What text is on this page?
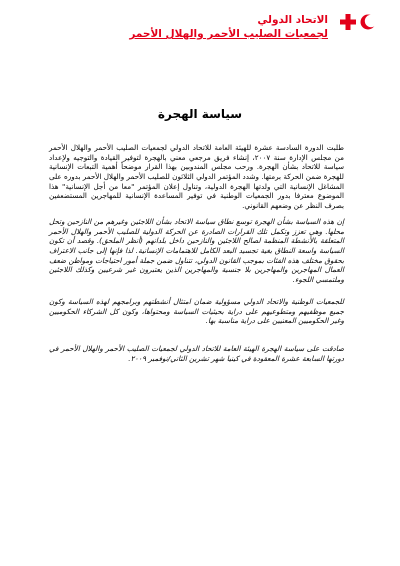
الاتحاد الدولي
لجمعيات الصليب الأحمر والهلال الأحمر
سياسة الهجرة

طلبت الدورة السادسة عشرة للهيئة العامة للاتحاد الدولي لجمعيات الصليب الأحمر والهلال الأحمر من مجلس الإدارة سنة ٢٠٠٧، إنشاء فريق مرجعي معني بالهجرة لتوفير القيادة والتوجيه ولإعداد سياسة للاتحاد بشأن الهجرة. ورحب مجلس المندوبين بهذا القرار موضحاً أهمية التبعات الإنسانية للهجرة ضمن الحركة برمتها. وشدد المؤتمر الدولي الثلاثون للصليب الأحمر والهلال الأحمر بدوره على المشاغل الإنسانية التي ولدتها الهجرة الدولية، وتناول إعلان المؤتمر "معا من أجل الإنسانية" هذا الموضوع معترفا بدور الجمعيات الوطنية في توفير المساعدة الإنسانية للمهاجرين المستضعفين بصرف النظر عن وضعهم القانوني.

إن هذه السياسة بشأن الهجرة توسع نطاق سياسة الاتحاد بشأن اللاجئين وغيرهم من النازحين وتحل محلها. وهي تعزز وتكمل تلك القرارات الصادرة عن الحركة الدولية للصليب الأحمر والهلال الأحمر المتعلقة بالأنشطة المنظمة لصالح اللاجئين والنازحين داخل بلدانهم (أنظر الملحق). وقصد أن تكون السياسة واسعة النطاق بغية تجسيد البعد الكامل للاهتمامات الإنسانية. لذا فإنها إلى جانب الاعتراف بحقوق مختلف هذه الفئات بموجب القانون الدولي، تتناول ضمن جملة أمور احتياجات ومواطن ضعف العمال المهاجرين والمهاجرين بلا جنسية والمهاجرين الذين يعتبرون غير شرعيين وكذلك اللاجئين وملتمسي اللجوء.

للجمعيات الوطنية والاتحاد الدولي مسؤولية ضمان امتثال أنشطتهم وبرامجهم لهذه السياسة وكون جميع موظفيهم ومتطوعيهم على دراية بحيثيات السياسة ومحتواها، وكون كل الشركاء الحكوميين وغير الحكوميين المعنيين على دراية مناسبة بها.

صادقت على سياسة الهجرة الهيئة العامة للاتحاد الدولي لجمعيات الصليب الأحمر والهلال الأحمر في دورتها السابعة عشرة المعقودة في كينيا شهر تشرين الثاني/نوفمبر ٢٠٠٩.
